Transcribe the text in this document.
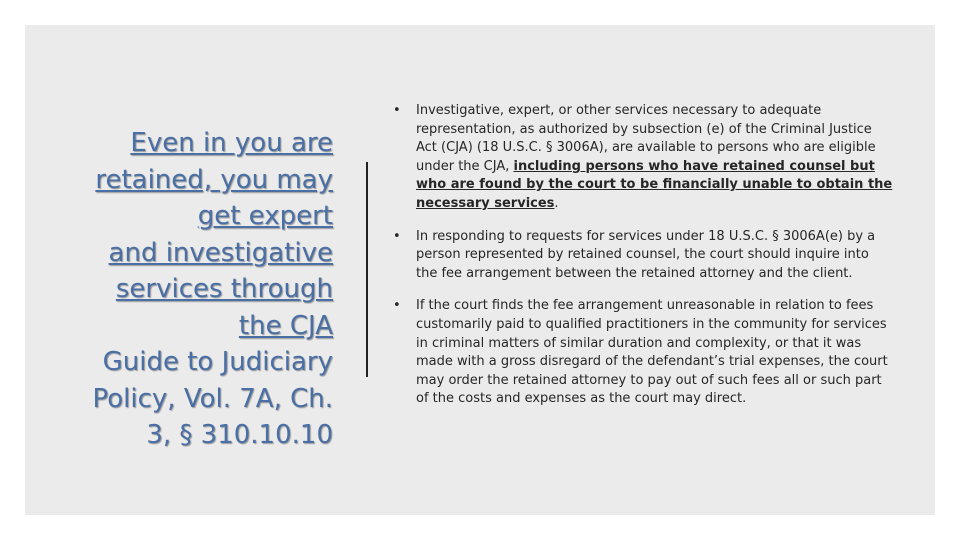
Even in you are
retained, you may
get expert
and investigative
services through
the CJA
Guide to Judiciary
Policy, Vol. 7A, Ch.
3, § 310.10.10
• Investigative, expert, or other services necessary to adequate representation, as authorized by subsection (e) of the Criminal Justice Act (CJA) (18 U.S.C. § 3006A), are available to persons who are eligible under the CJA, including persons who have retained counsel but who are found by the court to be financially unable to obtain the necessary services.
• In responding to requests for services under 18 U.S.C. § 3006A(e) by a person represented by retained counsel, the court should inquire into the fee arrangement between the retained attorney and the client.
• If the court finds the fee arrangement unreasonable in relation to fees customarily paid to qualified practitioners in the community for services in criminal matters of similar duration and complexity, or that it was made with a gross disregard of the defendant’s trial expenses, the court may order the retained attorney to pay out of such fees all or such part of the costs and expenses as the court may direct.
